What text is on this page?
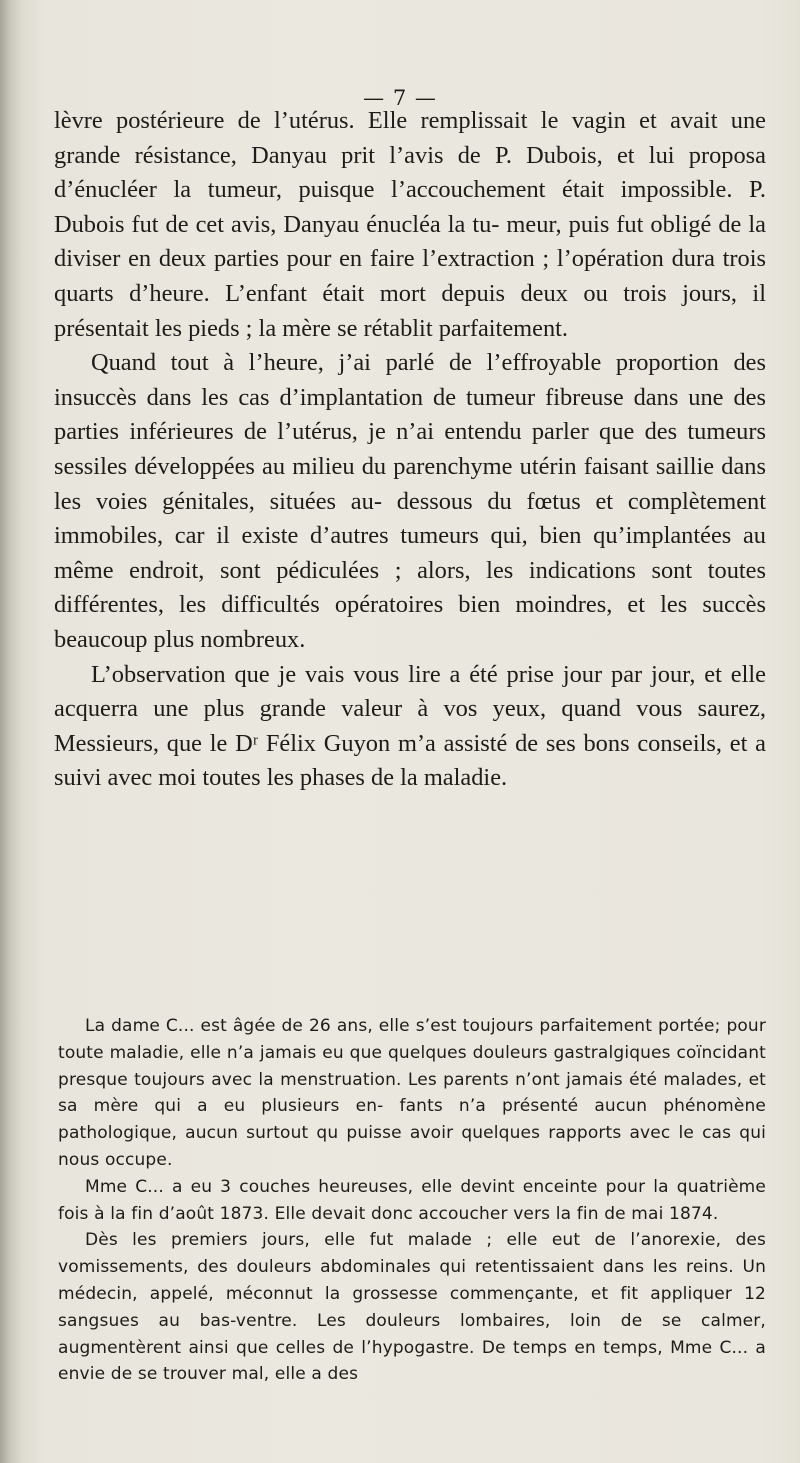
— 7 —

lèvre postérieure de l’utérus. Elle remplissait le vagin et avait une grande résistance, Danyau prit l’avis de P. Dubois, et lui proposa d’énucléer la tumeur, puisque l’accouchement était impossible. P. Dubois fut de cet avis, Danyau énucléa la tu- meur, puis fut obligé de la diviser en deux parties pour en faire l’extraction ; l’opération dura trois quarts d’heure. L’enfant était mort depuis deux ou trois jours, il présentait les pieds ; la mère se rétablit parfaitement.

Quand tout à l’heure, j’ai parlé de l’effroyable proportion des insuccès dans les cas d’implantation de tumeur fibreuse dans une des parties inférieures de l’utérus, je n’ai entendu parler que des tumeurs sessiles développées au milieu du parenchyme utérin faisant saillie dans les voies génitales, situées au- dessous du fœtus et complètement immobiles, car il existe d’autres tumeurs qui, bien qu’implantées au même endroit, sont pédiculées ; alors, les indications sont toutes différentes, les difficultés opératoires bien moindres, et les succès beaucoup plus nombreux.

L’observation que je vais vous lire a été prise jour par jour, et elle acquerra une plus grande valeur à vos yeux, quand vous saurez, Messieurs, que le Dʳ Félix Guyon m’a assisté de ses bons conseils, et a suivi avec moi toutes les phases de la maladie.

La dame C... est âgée de 26 ans, elle s’est toujours parfaitement portée; pour toute maladie, elle n’a jamais eu que quelques douleurs gastralgiques coïncidant presque toujours avec la menstruation. Les parents n’ont jamais été malades, et sa mère qui a eu plusieurs en- fants n’a présenté aucun phénomène pathologique, aucun surtout qu puisse avoir quelques rapports avec le cas qui nous occupe.

Mme C... a eu 3 couches heureuses, elle devint enceinte pour la quatrième fois à la fin d’août 1873. Elle devait donc accoucher vers la fin de mai 1874.

Dès les premiers jours, elle fut malade ; elle eut de l’anorexie, des vomissements, des douleurs abdominales qui retentissaient dans les reins. Un médecin, appelé, méconnut la grossesse commençante, et fit appliquer 12 sangsues au bas-ventre. Les douleurs lombaires, loin de se calmer, augmentèrent ainsi que celles de l’hypogastre. De temps en temps, Mme C... a envie de se trouver mal, elle a des
